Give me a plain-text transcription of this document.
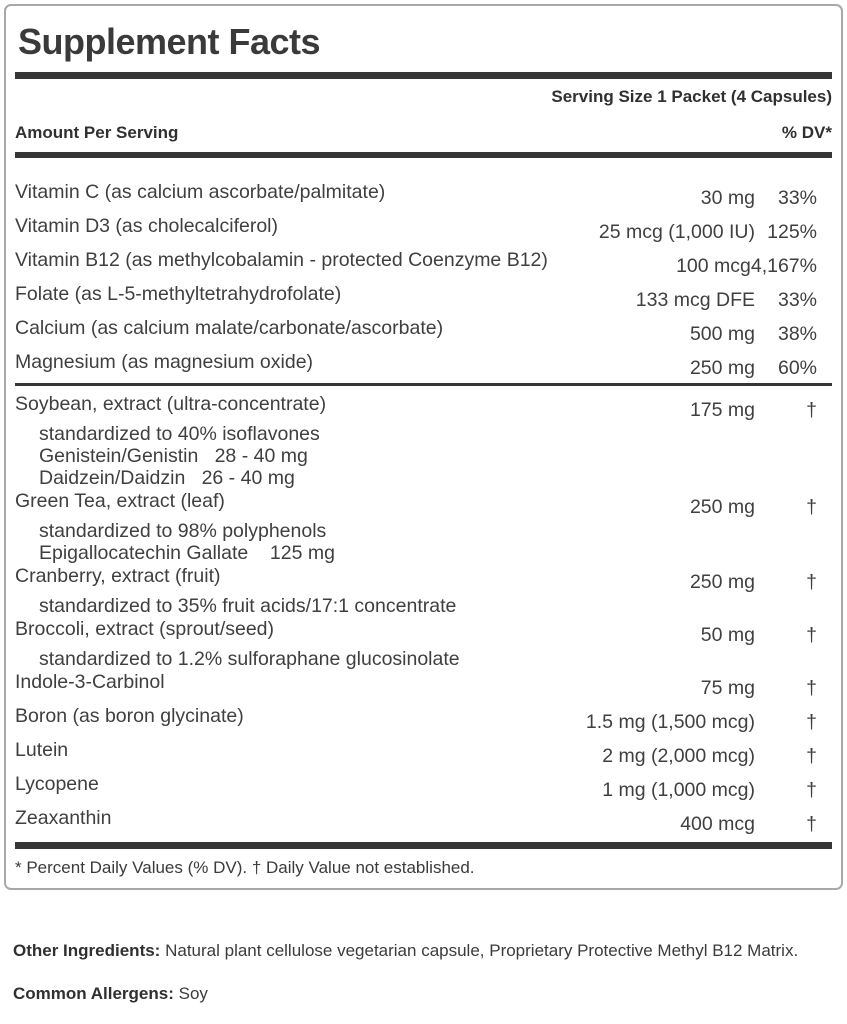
Supplement Facts
Serving Size 1 Packet (4 Capsules)
Amount Per Serving	% DV*
Vitamin C (as calcium ascorbate/palmitate)	30 mg	33%
Vitamin D3 (as cholecalciferol)	25 mcg (1,000 IU) 125%
Vitamin B12 (as methylcobalamin - protected Coenzyme B12)	100 mcg 4,167%
Folate (as L-5-methyltetrahydrofolate)	133 mcg DFE	33%
Calcium (as calcium malate/carbonate/ascorbate)	500 mg	38%
Magnesium (as magnesium oxide)	250 mg	60%
Soybean, extract (ultra-concentrate)	175 mg	†
standardized to 40% isoflavones
Genistein/Genistin   28 - 40 mg
Daidzein/Daidzin   26 - 40 mg
Green Tea, extract (leaf)	250 mg	†
standardized to 98% polyphenols
Epigallocatechin Gallate    125 mg
Cranberry, extract (fruit)	250 mg	†
standardized to 35% fruit acids/17:1 concentrate
Broccoli, extract (sprout/seed)	50 mg	†
standardized to 1.2% sulforaphane glucosinolate
Indole-3-Carbinol	75 mg	†
Boron (as boron glycinate)	1.5 mg (1,500 mcg)	†
Lutein	2 mg (2,000 mcg)	†
Lycopene	1 mg (1,000 mcg)	†
Zeaxanthin	400 mcg	†

* Percent Daily Values (% DV). † Daily Value not established.

Other Ingredients: Natural plant cellulose vegetarian capsule, Proprietary Protective Methyl B12 Matrix.

Common Allergens: Soy
